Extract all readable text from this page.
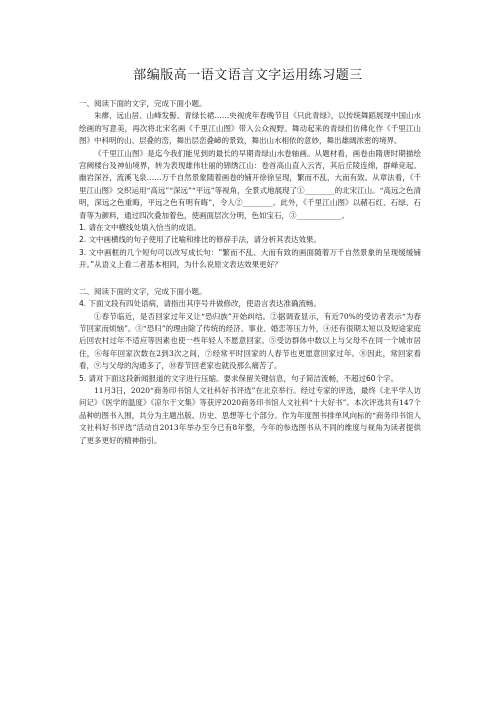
部编版高一语文语言文字运用练习题三

一、阅读下面的文字，完成下面小题。

朱瘳、远山居、山峰发髻、青绿长裙……央视虎年春晚节目《只此青绿》，以传统舞蹈展现中国山水绘画的写意美，再次将北宋名画《千里江山图》带入公众视野。舞动起来的青绿们仿佛化作《千里江山图》中科明的山、层叠的峦，舞出层峦叠嶂的景致，舞出山水相依的意妙，舞出雄阔浓密的境界。

《千里江山图》是迄今我们能见到的最长的早期青绿山水卷轴画。从题材看，画卷由隋唐时期描绘宫阙楼台及神仙境界，转为表现雄伟壮丽的锦绣江山：卷首高山直入云宵，其后丘陵连绵，群峰竞起。幽岩深谷，流溪飞泉……万千自然景象随着画卷的铺开徐徐呈现，繁而不乱，大而有致。从章法看，《千里江山图》交织运用“高远”“深远”“平远”等视角，全景式地展现了①________的北宋江山。“高远之色清明，深远之色重晦，平远之色有明有晦”，令人②________。此外，《千里江山图》以赭石红、石绿、石青等为颜料，通过四次叠加着色，使画面层次分明，色如宝石，③____________。

1. 请在文中横线处填入恰当的成语。

2. 文中画横线的句子使用了比喻和排比的修辞手法，请分析其表达效果。

3. 文中画框的几个短句可以改写成长句：“繁而不乱、大而有致的画面随着万千自然景象的呈现缓缓铺开。”从语义上看二者基本相同，为什么说原文表达效果更好？

二、阅读下面的文字，完成下面小题。

4. 下面文段有四处语病，请指出其序号并做修改，使语言表达准确流畅。

①春节临近，是否回家过年又让“恐归族”开始纠结。②据调查显示，有近70%的受访者表示“为春节回家而烦恼”。③“恐归”的理由除了传统的经济、事业、婚恋等压力外，④还有很期太短以及短途家庭后回农村过年不适应等因素也使一些年轻人不愿意回家。⑤受访群体中数以上与父母不在同一个城市居住，⑥每年回家次数在2到3次之间，⑦经常平时回家的人春节也更愿意回家过年。⑧因此，常回家看看，⑨与父母的沟通多了，⑩春节回老家也就没那么痛苦了。

5. 请对下面这段新闻报道的文字进行压缩。要求保留关键信息，句子简洁流畅，不超过60个字。

11月3日，2020“商务印书馆人文社科好书评选”在北京举行。经过专家的评选，最终《北平学人访问记》《医学的温度》《凉尔干文集》等获评2020商务印书馆人文社科“十大好书”。本次评选共有147个品种的图书入围，共分为主题出版、历史、思想等七个部分。作为年度图书排单风向标的“商务印书馆人文社科好书评选”活动自2013年举办至今已有8年整，今年的参选图书从不同的维度与视角为读者提供了更多更好的精神指引。
